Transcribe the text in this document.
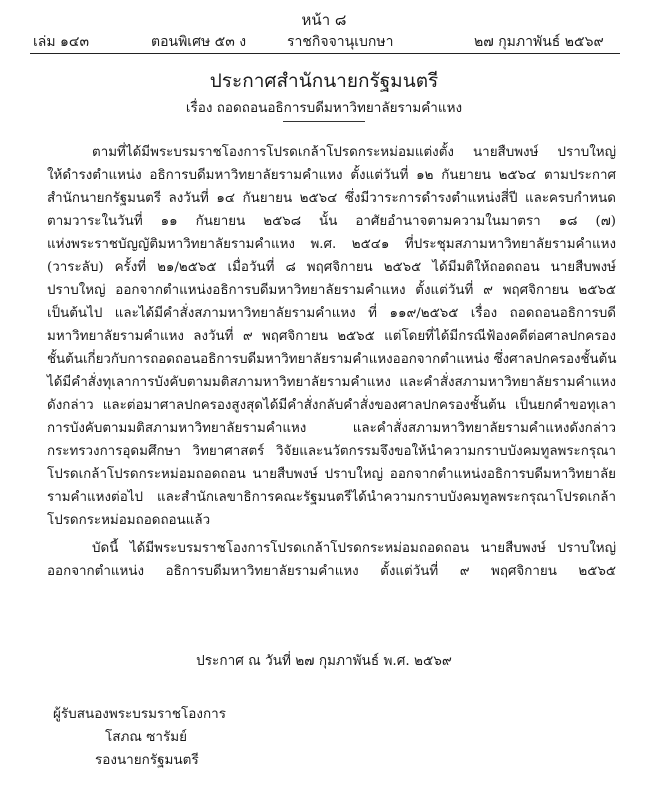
หน้า ๘
เล่ม ๑๔๓	ตอนพิเศษ ๕๓ ง	ราชกิจจานุเบกษา	๒๗ กุมภาพันธ์ ๒๕๖๙
ประกาศสำนักนายกรัฐมนตรี
เรื่อง ถอดถอนอธิการบดีมหาวิทยาลัยรามคำแหง
ตามที่ได้มีพระบรมราชโองการโปรดเกล้าโปรดกระหม่อมแต่งตั้ง นายสืบพงษ์ ปราบใหญ่
ให้ดำรงตำแหน่ง อธิการบดีมหาวิทยาลัยรามคำแหง ตั้งแต่วันที่ ๑๒ กันยายน ๒๕๖๔ ตามประกาศ
สำนักนายกรัฐมนตรี ลงวันที่ ๑๔ กันยายน ๒๕๖๔ ซึ่งมีวาระการดำรงตำแหน่งสี่ปี และครบกำหนด
ตามวาระในวันที่ ๑๑ กันยายน ๒๕๖๘ นั้น อาศัยอำนาจตามความในมาตรา ๑๘ (๗)
แห่งพระราชบัญญัติมหาวิทยาลัยรามคำแหง พ.ศ. ๒๕๔๑ ที่ประชุมสภามหาวิทยาลัยรามคำแหง
(วาระลับ) ครั้งที่ ๒๑/๒๕๖๕ เมื่อวันที่ ๘ พฤศจิกายน ๒๕๖๕ ได้มีมติให้ถอดถอน นายสืบพงษ์
ปราบใหญ่ ออกจากตำแหน่งอธิการบดีมหาวิทยาลัยรามคำแหง ตั้งแต่วันที่ ๙ พฤศจิกายน ๒๕๖๕
เป็นต้นไป และได้มีคำสั่งสภามหาวิทยาลัยรามคำแหง ที่ ๑๑๙/๒๕๖๕ เรื่อง ถอดถอนอธิการบดี
มหาวิทยาลัยรามคำแหง ลงวันที่ ๙ พฤศจิกายน ๒๕๖๕ แต่โดยที่ได้มีกรณีฟ้องคดีต่อศาลปกครอง
ชั้นต้นเกี่ยวกับการถอดถอนอธิการบดีมหาวิทยาลัยรามคำแหงออกจากตำแหน่ง ซึ่งศาลปกครองชั้นต้น
ได้มีคำสั่งทุเลาการบังคับตามมติสภามหาวิทยาลัยรามคำแหง และคำสั่งสภามหาวิทยาลัยรามคำแหง
ดังกล่าว และต่อมาศาลปกครองสูงสุดได้มีคำสั่งกลับคำสั่งของศาลปกครองชั้นต้น เป็นยกคำขอทุเลา
การบังคับตามมติสภามหาวิทยาลัยรามคำแหง และคำสั่งสภามหาวิทยาลัยรามคำแหงดังกล่าว
กระทรวงการอุดมศึกษา วิทยาศาสตร์ วิจัยและนวัตกรรมจึงขอให้นำความกราบบังคมทูลพระกรุณา
โปรดเกล้าโปรดกระหม่อมถอดถอน นายสืบพงษ์ ปราบใหญ่ ออกจากตำแหน่งอธิการบดีมหาวิทยาลัย
รามคำแหงต่อไป และสำนักเลขาธิการคณะรัฐมนตรีได้นำความกราบบังคมทูลพระกรุณาโปรดเกล้า
โปรดกระหม่อมถอดถอนแล้ว
บัดนี้ ได้มีพระบรมราชโองการโปรดเกล้าโปรดกระหม่อมถอดถอน นายสืบพงษ์ ปราบใหญ่
ออกจากตำแหน่ง อธิการบดีมหาวิทยาลัยรามคำแหง ตั้งแต่วันที่ ๙ พฤศจิกายน ๒๕๖๕
ประกาศ ณ วันที่ ๒๗ กุมภาพันธ์ พ.ศ. ๒๕๖๙
ผู้รับสนองพระบรมราชโองการ
โสภณ ซารัมย์
รองนายกรัฐมนตรี
